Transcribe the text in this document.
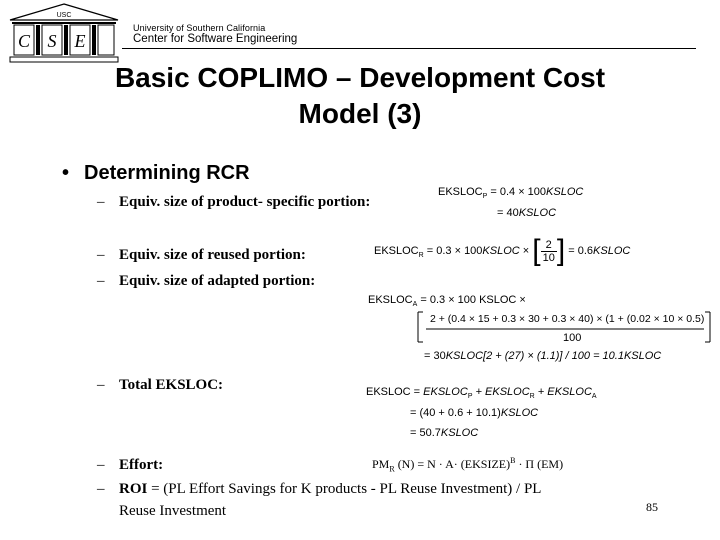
USC
C S E
University of Southern California
Center for Software Engineering
Basic COPLIMO – Development Cost
Model (3)
• Determining RCR
– Equiv. size of product- specific portion:
– Equiv. size of reused portion:
– Equiv. size of adapted portion:
– Total EKSLOC:
– Effort:
– ROI = (PL Effort Savings for K products - PL Reuse Investment) / PL
Reuse Investment
$EKSLOC_P = 0.4$ × 100KSLOC
= 40KSLOC
$EKSLOC_R = 0.3$ × 100KSLOC × [ $\frac{2}{10}$ ] = 0.6KSLOC
$EKSLOC_A = 0.3 \times 100$ KSLOC ×
2 + (0.4 × 15 + 0.3 × 30 + 0.3 × 40) × (1 + (0.02 × 10 × 0.5)
100
= 30KSLOC[2 + (27) × (1.1)] / 100 = 10.1KSLOC
EKSLOC = $EKSLOC_P$ + $EKSLOC_R$ + $EKSLOC_A$
= (40 + 0.6 + 10.1)KSLOC
= 50.7KSLOC
$PM_R$ (N) = N · A· (EKSIZE)$^B$ · Π (EM)
85
